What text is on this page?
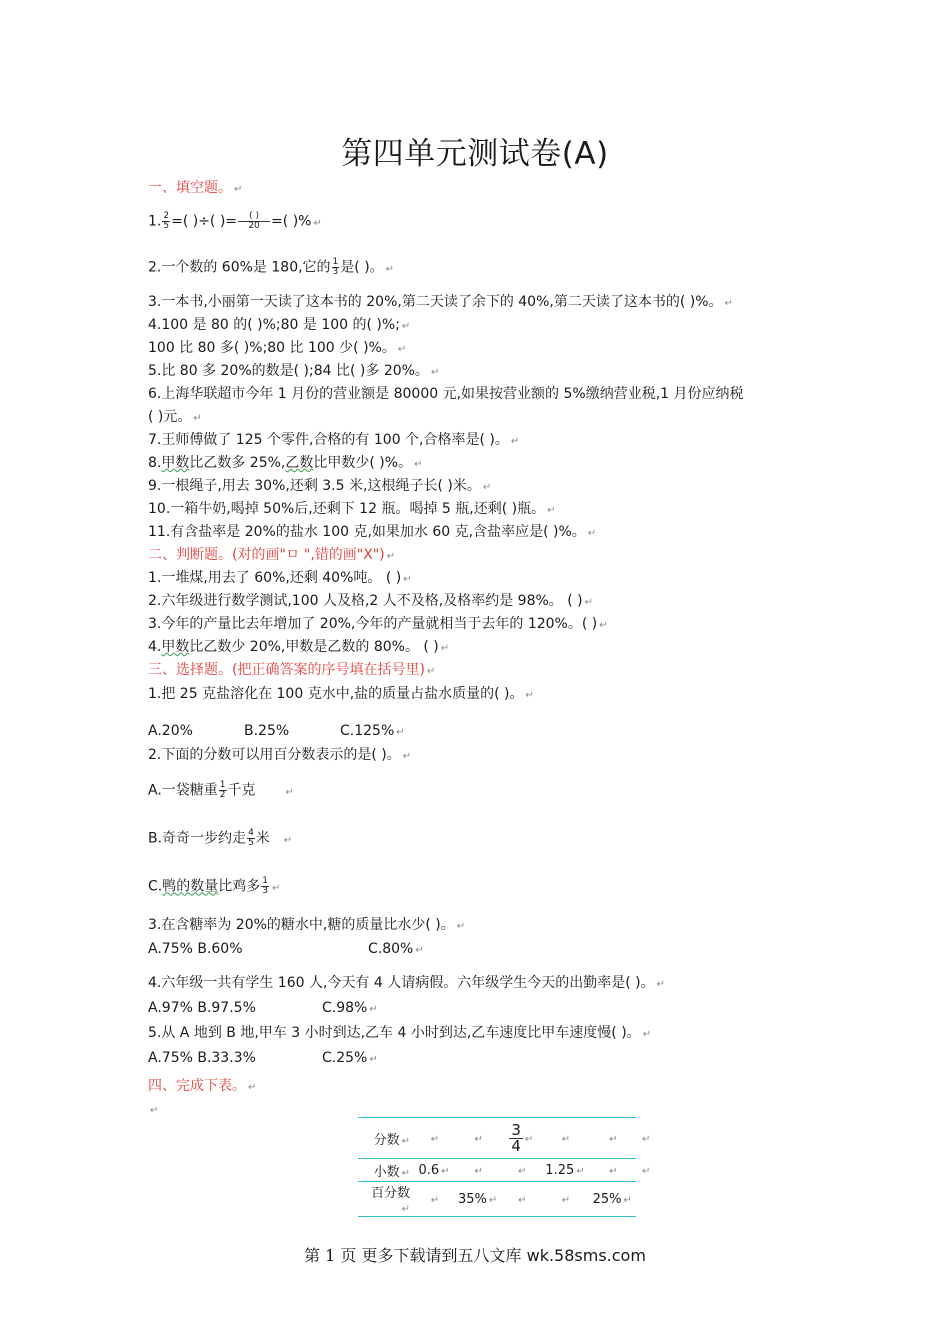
第四单元测试卷(A)
一、填空题。 ↵
1. $\frac{2}{5}$ =( )÷( )= $\frac{( )}{20}$ =( )% ↵
2.一个数的 60%是 180,它的 $\frac{1}{3}$ 是( )。 ↵
3.一本书,小丽第一天读了这本书的 20%,第二天读了余下的 40%,第二天读了这本书的( )%。 ↵
4.100 是 80 的( )%;80 是 100 的( )%; ↵
100 比 80 多( )%;80 比 100 少( )%。 ↵
5.比 80 多 20%的数是( );84 比( )多 20%。 ↵
6.上海华联超市今年 1 月份的营业额是 80000 元,如果按营业额的 5%缴纳营业税,1 月份应纳税
( )元。 ↵
7.王师傅做了 125 个零件,合格的有 100 个,合格率是( )。 ↵
8.甲数比乙数多 25%,乙数比甲数少( )%。 ↵
9.一根绳子,用去 30%,还剩 3.5 米,这根绳子长( )米。 ↵
10.一箱牛奶,喝掉 50%后,还剩下 12 瓶。喝掉 5 瓶,还剩( )瓶。 ↵
11.有含盐率是 20%的盐水 100 克,如果加水 60 克,含盐率应是( )%。 ↵
二、判断题。(对的画"ㅁ ",错的画"X") ↵
1.一堆煤,用去了 60%,还剩 40%吨。 ( ) ↵
2.六年级进行数学测试,100 人及格,2 人不及格,及格率约是 98%。 ( ) ↵
3.今年的产量比去年增加了 20%,今年的产量就相当于去年的 120%。( ) ↵
4.甲数比乙数少 20%,甲数是乙数的 80%。 ( ) ↵
三、选择题。(把正确答案的序号填在括号里) ↵
1.把 25 克盐溶化在 100 克水中,盐的质量占盐水质量的( )。 ↵
A.20%	B.25%	C.125% ↵
2.下面的分数可以用百分数表示的是( )。 ↵
A.一袋糖重 $\frac{1}{2}$ 千克	↵
B.奇奇一步约走 $\frac{4}{5}$ 米 ↵
C.鸭的数量比鸡多 $\frac{1}{3}$ ↵
3.在含糖率为 20%的糖水中,糖的质量比水少( )。 ↵
A.75% B.60%	C.80% ↵
4.六年级一共有学生 160 人,今天有 4 人请病假。六年级学生今天的出勤率是( )。 ↵
A.97% B.97.5%	C.98% ↵
5.从 A 地到 B 地,甲车 3 小时到达,乙车 4 小时到达,乙车速度比甲车速度慢( )。 ↵
A.75% B.33.3%	C.25% ↵
四、完成下表。 ↵
↵
分数 ↵	↵	↵	$\frac{3}{4}$ ↵	↵	↵	↵
小数 ↵	0.6 ↵	↵	↵	1.25 ↵	↵	↵
百分数↵	↵	35% ↵	↵	↵	25% ↵	
第 1 页 更多下载请到五八文库 wk.58sms.com
